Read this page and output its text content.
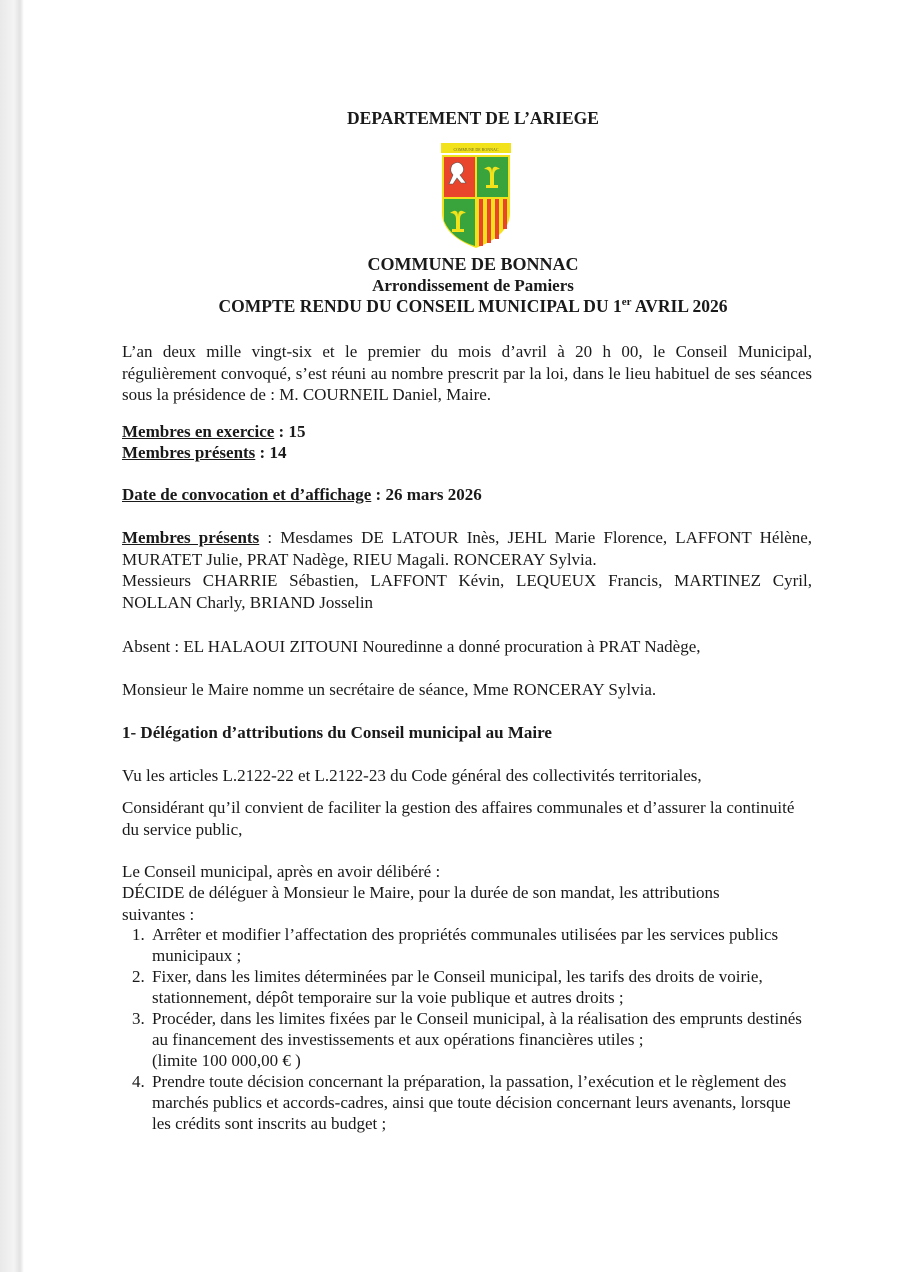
DEPARTEMENT DE L’ARIEGE
COMMUNE DE BONNAC
COMMUNE DE BONNAC
Arrondissement de Pamiers
COMPTE RENDU DU CONSEIL MUNICIPAL DU 1er AVRIL 2026
L’an deux mille vingt-six et le premier du mois d’avril à 20 h 00, le Conseil Municipal, régulièrement convoqué, s’est réuni au nombre prescrit par la loi, dans le lieu habituel de ses séances sous la présidence de : M. COURNEIL Daniel, Maire.
Membres en exercice : 15
Membres présents : 14
Date de convocation et d’affichage : 26 mars 2026
Membres présents : Mesdames DE LATOUR Inès, JEHL Marie Florence, LAFFONT Hélène, MURATET Julie, PRAT Nadège, RIEU Magali. RONCERAY Sylvia.
Messieurs CHARRIE Sébastien, LAFFONT Kévin, LEQUEUX Francis, MARTINEZ Cyril, NOLLAN Charly, BRIAND Josselin
Absent : EL HALAOUI ZITOUNI Nouredinne a donné procuration à PRAT Nadège,
Monsieur le Maire nomme un secrétaire de séance, Mme RONCERAY Sylvia.
1- Délégation d’attributions du Conseil municipal au Maire
Vu les articles L.2122-22 et L.2122-23 du Code général des collectivités territoriales,
Considérant qu’il convient de faciliter la gestion des affaires communales et d’assurer la continuité du service public,
Le Conseil municipal, après en avoir délibéré :
DÉCIDE de déléguer à Monsieur le Maire, pour la durée de son mandat, les attributions suivantes :
1. Arrêter et modifier l’affectation des propriétés communales utilisées par les services publics municipaux ;
2. Fixer, dans les limites déterminées par le Conseil municipal, les tarifs des droits de voirie, stationnement, dépôt temporaire sur la voie publique et autres droits ;
3. Procéder, dans les limites fixées par le Conseil municipal, à la réalisation des emprunts destinés au financement des investissements et aux opérations financières utiles ;
(limite 100 000,00 € )
4. Prendre toute décision concernant la préparation, la passation, l’exécution et le règlement des marchés publics et accords-cadres, ainsi que toute décision concernant leurs avenants, lorsque les crédits sont inscrits au budget ;
